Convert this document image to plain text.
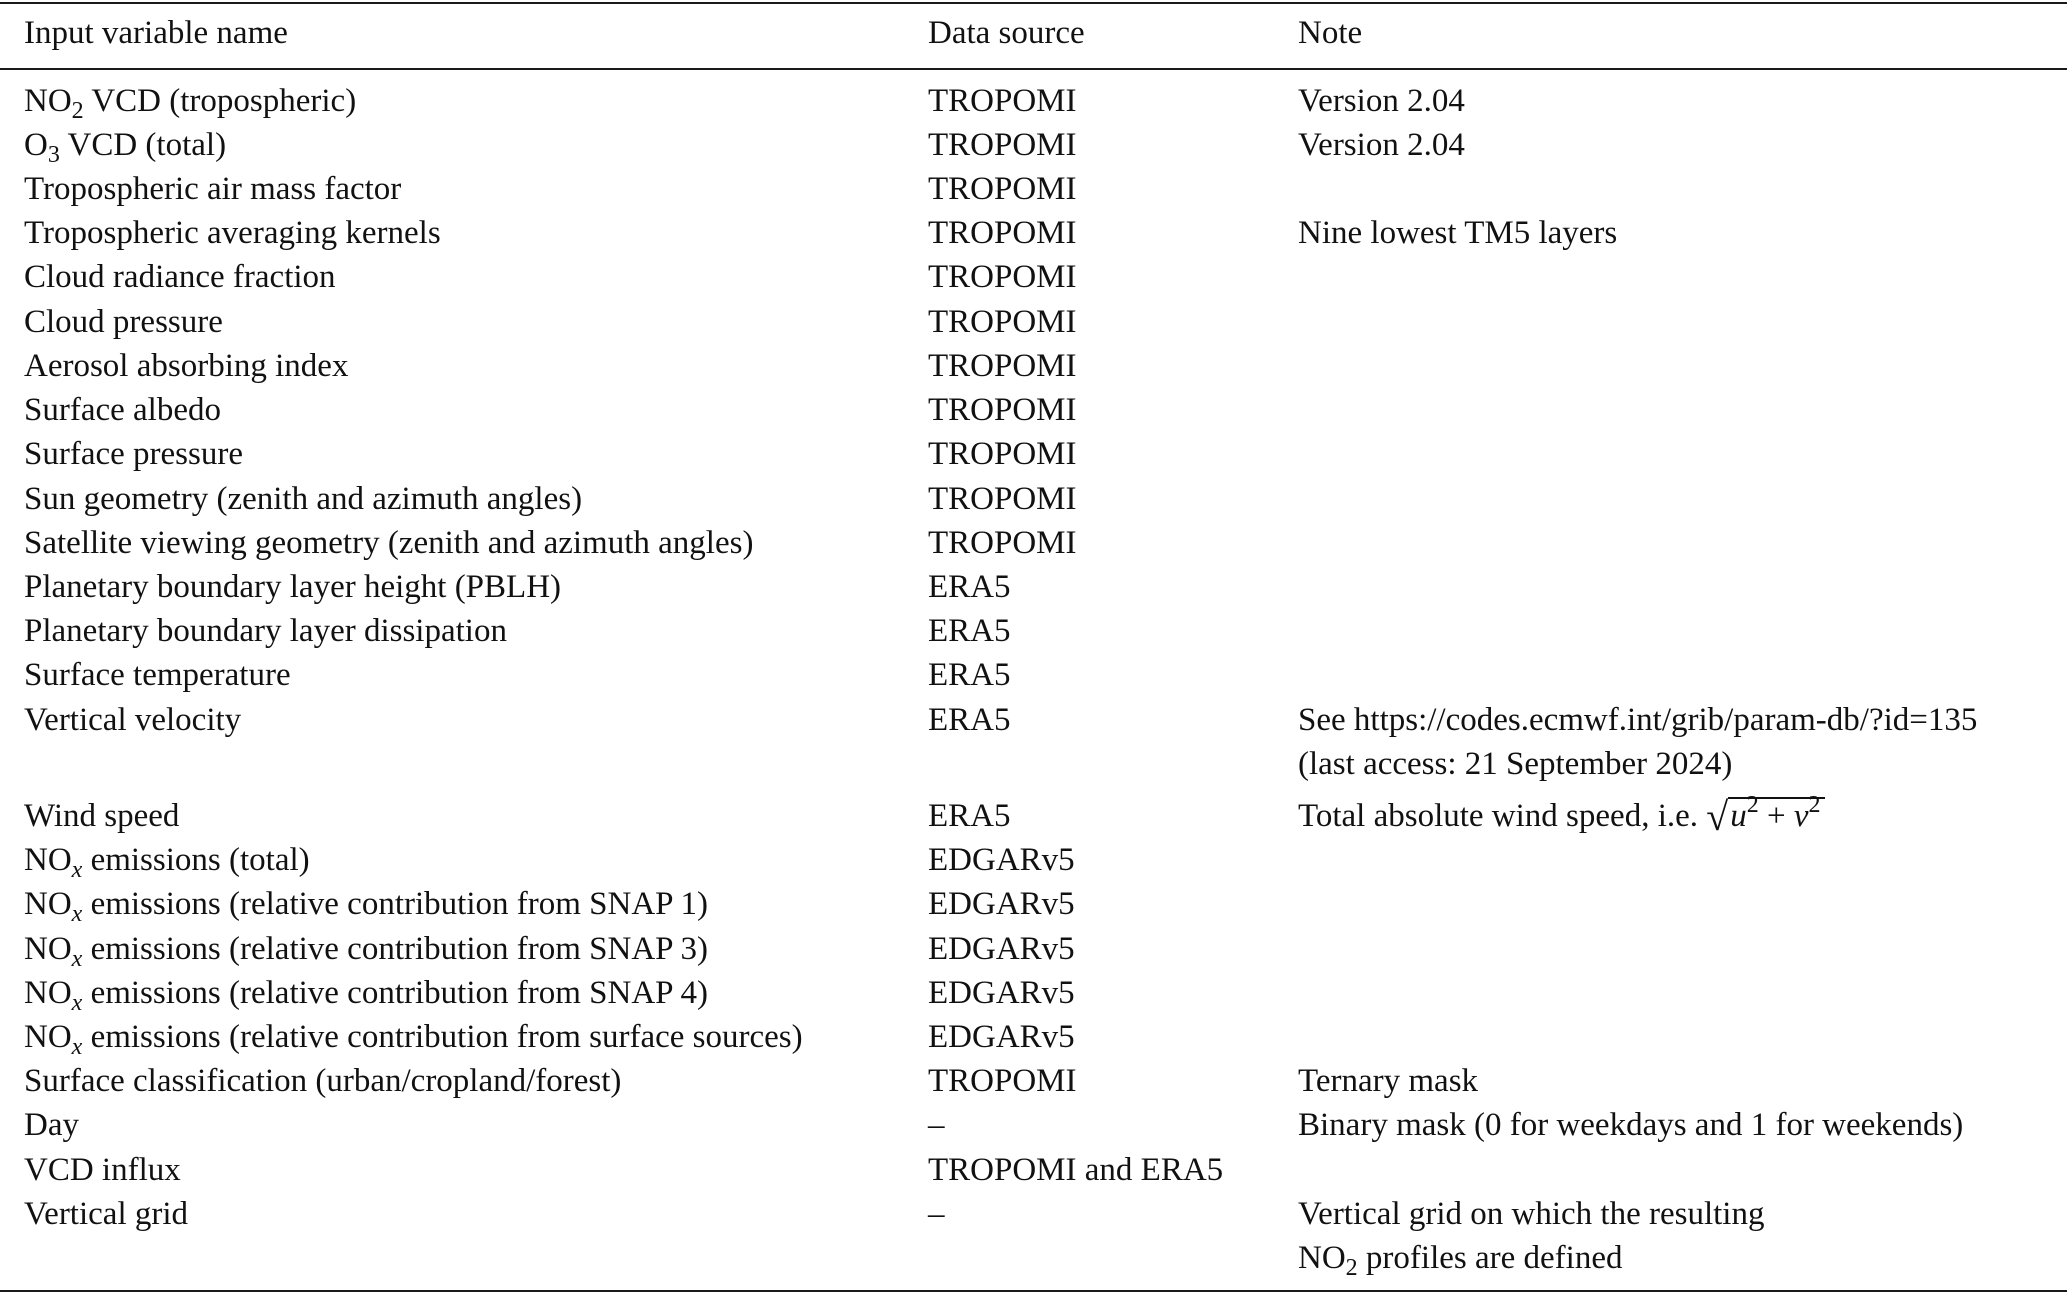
Input variable name	Data source	Note
$NO_2$ VCD (tropospheric)	TROPOMI	Version 2.04
$O_3$ VCD (total)	TROPOMI	Version 2.04
Tropospheric air mass factor	TROPOMI
Tropospheric averaging kernels	TROPOMI	Nine lowest TM5 layers
Cloud radiance fraction	TROPOMI
Cloud pressure	TROPOMI
Aerosol absorbing index	TROPOMI
Surface albedo	TROPOMI
Surface pressure	TROPOMI
Sun geometry (zenith and azimuth angles)	TROPOMI
Satellite viewing geometry (zenith and azimuth angles)	TROPOMI
Planetary boundary layer height (PBLH)	ERA5
Planetary boundary layer dissipation	ERA5
Surface temperature	ERA5
Vertical velocity	ERA5	See https://codes.ecmwf.int/grib/param-db/?id=135
(last access: 21 September 2024)
Wind speed	ERA5	Total absolute wind speed, i.e. $√u^2 + v^2$
$NO_x$ emissions (total)	EDGARv5
$NO_x$ emissions (relative contribution from SNAP 1)	EDGARv5
$NO_x$ emissions (relative contribution from SNAP 3)	EDGARv5
$NO_x$ emissions (relative contribution from SNAP 4)	EDGARv5
$NO_x$ emissions (relative contribution from surface sources)	EDGARv5
Surface classification (urban/cropland/forest)	TROPOMI	Ternary mask
Day	–	Binary mask (0 for weekdays and 1 for weekends)
VCD influx	TROPOMI and ERA5
Vertical grid	–	Vertical grid on which the resulting
$NO_2$ profiles are defined
